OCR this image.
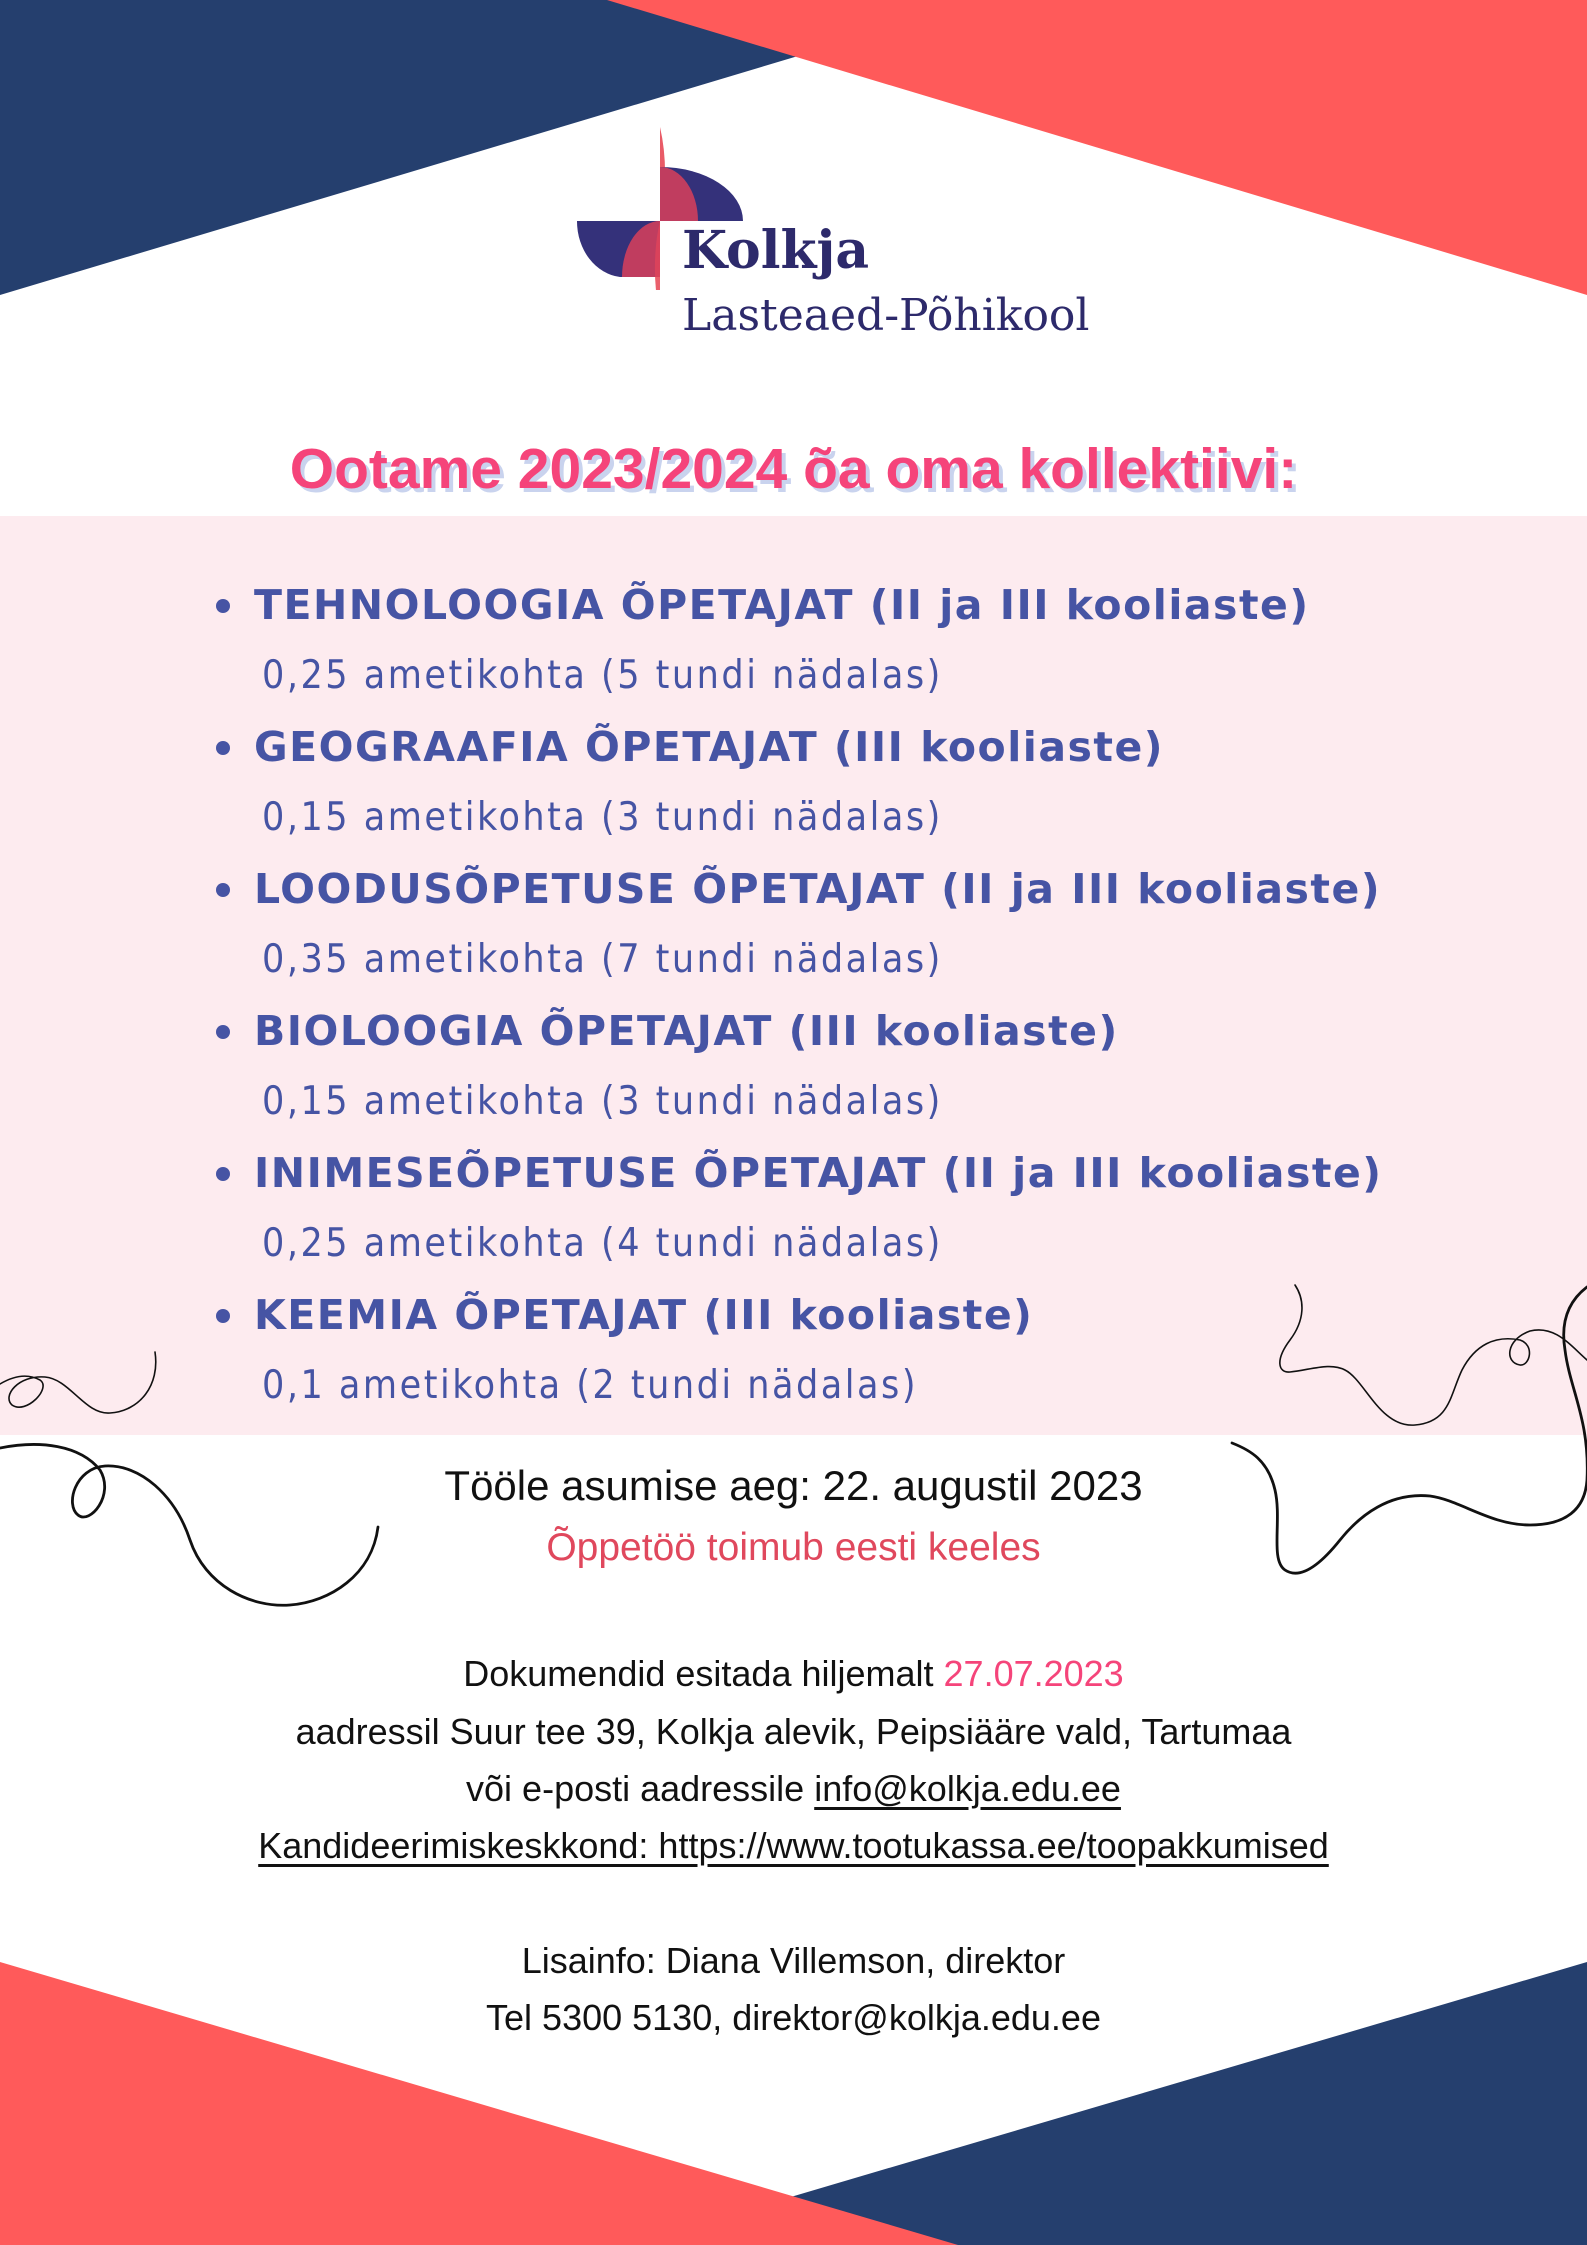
Kolkja
Lasteaed-Põhikool
Ootame 2023/2024 õa oma kollektiivi:
TEHNOLOOGIA ÕPETAJAT (II ja III kooliaste)
0,25 ametikohta (5 tundi nädalas)
GEOGRAAFIA ÕPETAJAT (III kooliaste)
0,15 ametikohta (3 tundi nädalas)
LOODUSÕPETUSE ÕPETAJAT (II ja III kooliaste)
0,35 ametikohta (7 tundi nädalas)
BIOLOOGIA ÕPETAJAT (III kooliaste)
0,15 ametikohta (3 tundi nädalas)
INIMESEÕPETUSE ÕPETAJAT (II ja III kooliaste)
0,25 ametikohta (4 tundi nädalas)
KEEMIA ÕPETAJAT (III kooliaste)
0,1 ametikohta (2 tundi nädalas)
Tööle asumise aeg: 22. augustil 2023
Õppetöö toimub eesti keeles
Dokumendid esitada hiljemalt 27.07.2023
aadressil Suur tee 39, Kolkja alevik, Peipsiääre vald, Tartumaa
või e-posti aadressile info@kolkja.edu.ee
Kandideerimiskeskkond: https://www.tootukassa.ee/toopakkumised
Lisainfo: Diana Villemson, direktor
Tel 5300 5130, direktor@kolkja.edu.ee
